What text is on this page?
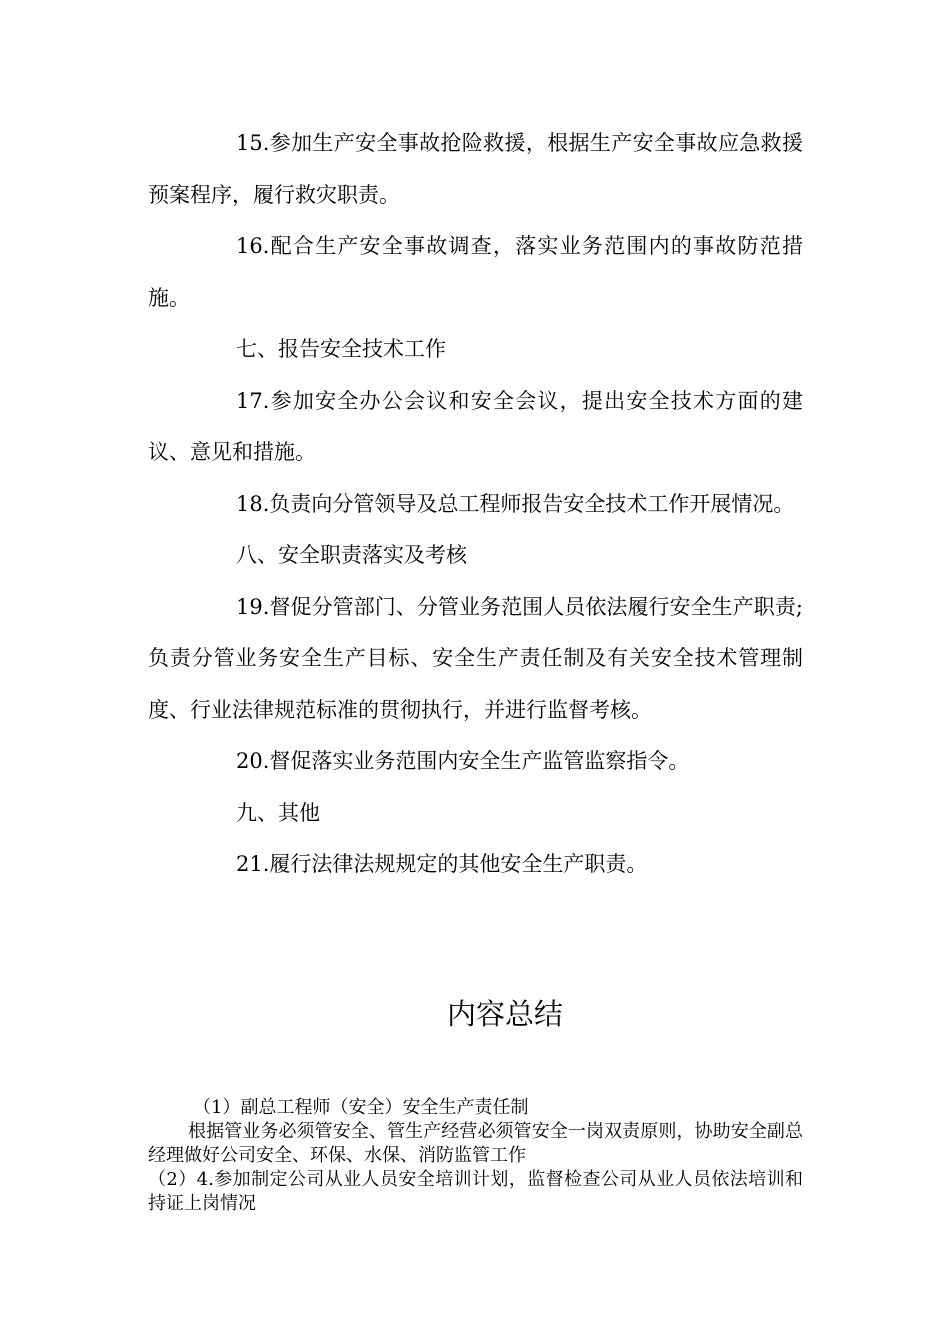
15.参加生产安全事故抢险救援，根据生产安全事故应急救援预案程序，履行救灾职责。

16.配合生产安全事故调查，落实业务范围内的事故防范措施。

七、报告安全技术工作

17.参加安全办公会议和安全会议，提出安全技术方面的建议、意见和措施。

18.负责向分管领导及总工程师报告安全技术工作开展情况。

八、安全职责落实及考核

19.督促分管部门、分管业务范围人员依法履行安全生产职责;负责分管业务安全生产目标、安全生产责任制及有关安全技术管理制度、行业法律规范标准的贯彻执行，并进行监督考核。

20.督促落实业务范围内安全生产监管监察指令。

九、其他

21.履行法律法规规定的其他安全生产职责。

内容总结

（1）副总工程师（安全）安全生产责任制

根据管业务必须管安全、管生产经营必须管安全一岗双责原则，协助安全副总经理做好公司安全、环保、水保、消防监管工作

（2）4.参加制定公司从业人员安全培训计划，监督检查公司从业人员依法培训和持证上岗情况
